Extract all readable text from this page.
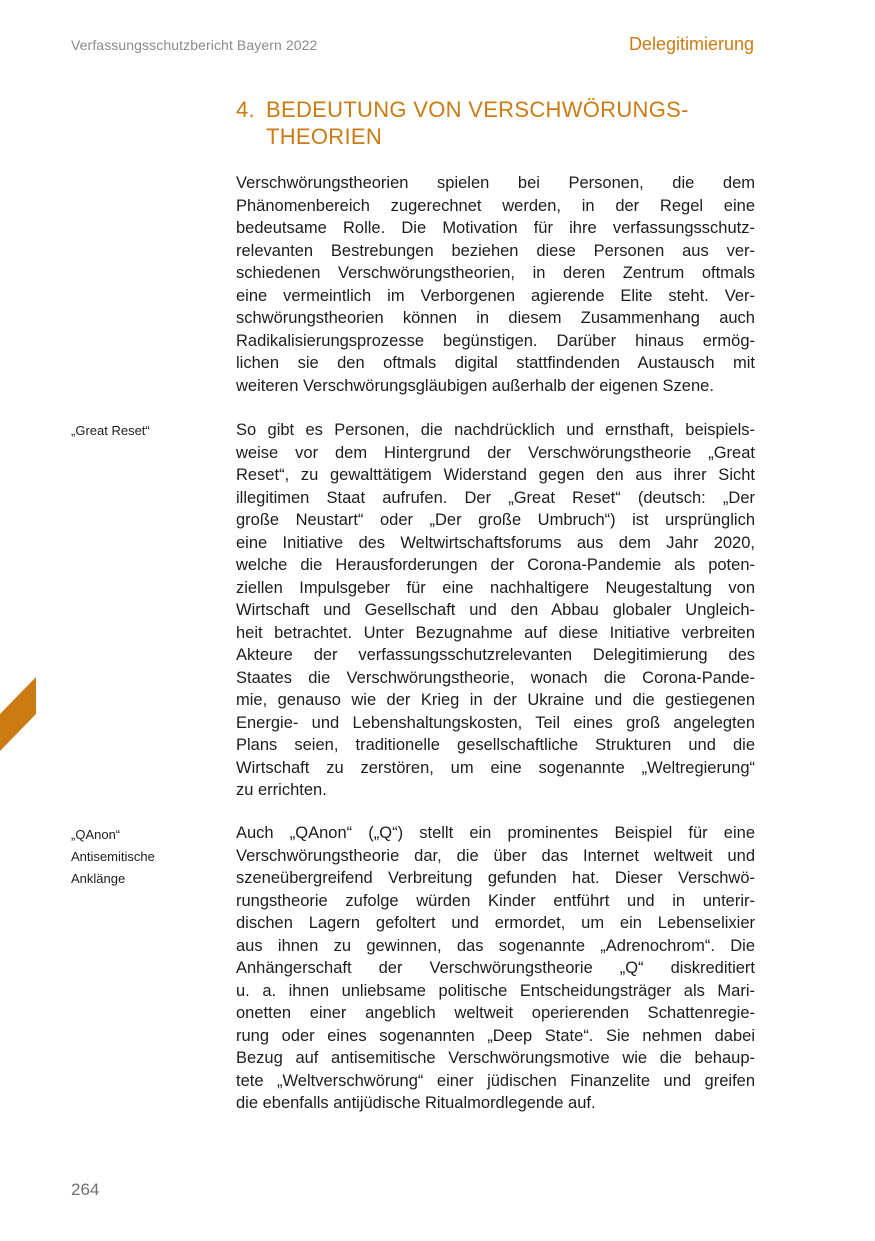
Verfassungsschutzbericht Bayern 2022	Delegitimierung
4. BEDEUTUNG VON VERSCHWÖRUNGS-
THEORIEN
Verschwörungstheorien spielen bei Personen, die dem
Phänomenbereich zugerechnet werden, in der Regel eine
bedeutsame Rolle. Die Motivation für ihre verfassungsschutz-
relevanten Bestrebungen beziehen diese Personen aus ver-
schiedenen Verschwörungstheorien, in deren Zentrum oftmals
eine vermeintlich im Verborgenen agierende Elite steht. Ver-
schwörungstheorien können in diesem Zusammenhang auch
Radikalisierungsprozesse begünstigen. Darüber hinaus ermög-
lichen sie den oftmals digital stattfindenden Austausch mit
weiteren Verschwörungsgläubigen außerhalb der eigenen Szene.
„Great Reset“	So gibt es Personen, die nachdrücklich und ernsthaft, beispiels-
weise vor dem Hintergrund der Verschwörungstheorie „Great
Reset“, zu gewalttätigem Widerstand gegen den aus ihrer Sicht
illegitimen Staat aufrufen. Der „Great Reset“ (deutsch: „Der
große Neustart“ oder „Der große Umbruch“) ist ursprünglich
eine Initiative des Weltwirtschaftsforums aus dem Jahr 2020,
welche die Herausforderungen der Corona-Pandemie als poten-
ziellen Impulsgeber für eine nachhaltigere Neugestaltung von
Wirtschaft und Gesellschaft und den Abbau globaler Ungleich-
heit betrachtet. Unter Bezugnahme auf diese Initiative verbreiten
Akteure der verfassungsschutzrelevanten Delegitimierung des
Staates die Verschwörungstheorie, wonach die Corona-Pande-
mie, genauso wie der Krieg in der Ukraine und die gestiegenen
Energie- und Lebenshaltungskosten, Teil eines groß angelegten
Plans seien, traditionelle gesellschaftliche Strukturen und die
Wirtschaft zu zerstören, um eine sogenannte „Weltregierung“
zu errichten.
„QAnon“
Antisemitische
Anklänge
Auch „QAnon“ („Q“) stellt ein prominentes Beispiel für eine
Verschwörungstheorie dar, die über das Internet weltweit und
szeneübergreifend Verbreitung gefunden hat. Dieser Verschwö-
rungstheorie zufolge würden Kinder entführt und in unterir-
dischen Lagern gefoltert und ermordet, um ein Lebenselixier
aus ihnen zu gewinnen, das sogenannte „Adrenochrom“. Die
Anhängerschaft der Verschwörungstheorie „Q“ diskreditiert
u. a. ihnen unliebsame politische Entscheidungsträger als Mari-
onetten einer angeblich weltweit operierenden Schattenregie-
rung oder eines sogenannten „Deep State“. Sie nehmen dabei
Bezug auf antisemitische Verschwörungsmotive wie die behaup-
tete „Weltverschwörung“ einer jüdischen Finanzelite und greifen
die ebenfalls antijüdische Ritualmordlegende auf.
264
